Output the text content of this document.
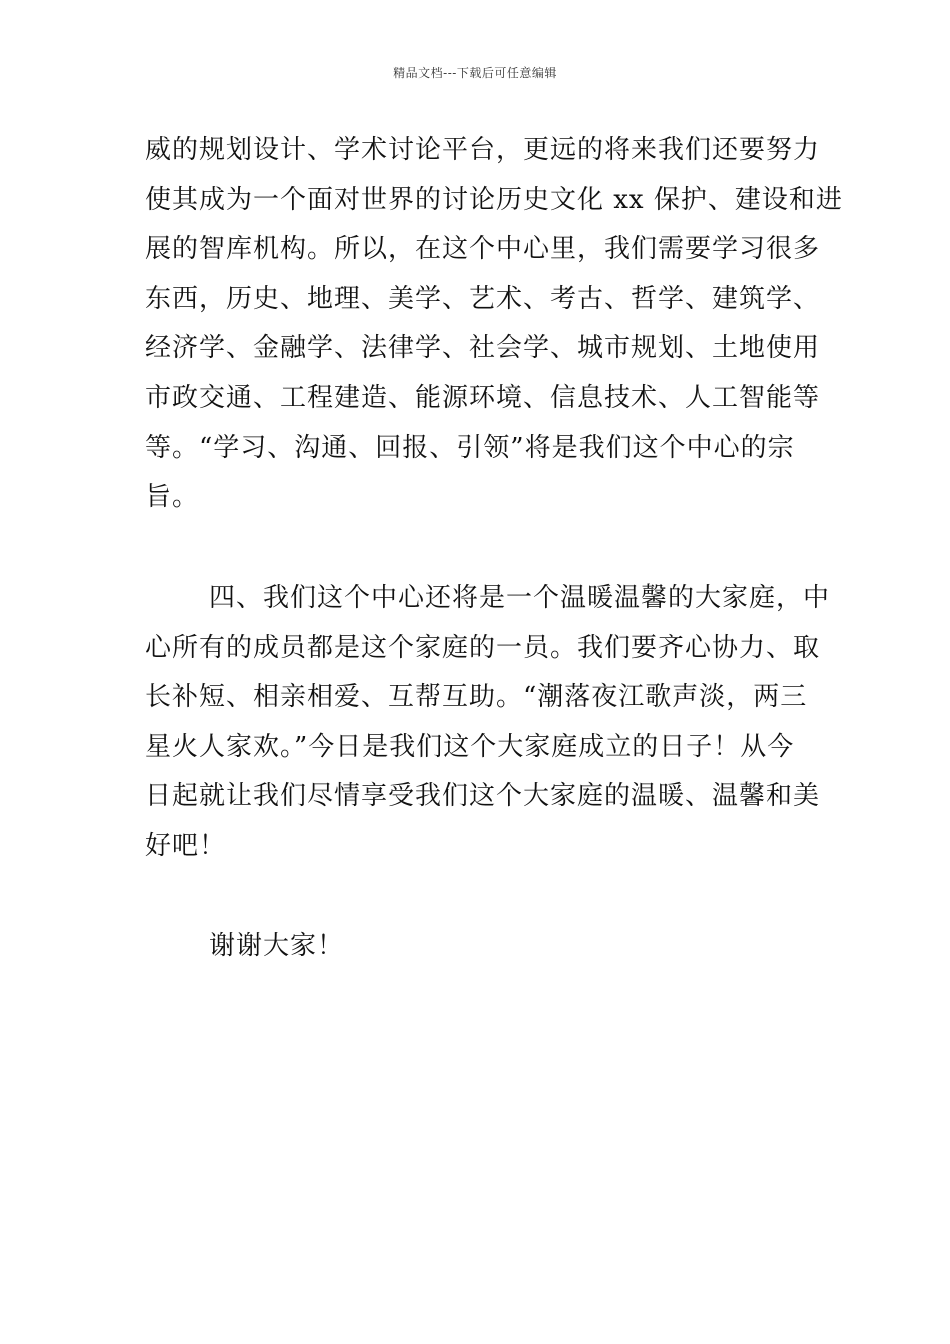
精品文档---下载后可任意编辑
威的规划设计、学术讨论平台，更远的将来我们还要努力
使其成为一个面对世界的讨论历史文化 xx 保护、建设和进
展的智库机构。所以，在这个中心里，我们需要学习很多
东西，历史、地理、美学、艺术、考古、哲学、建筑学、
经济学、金融学、法律学、社会学、城市规划、土地使用
市政交通、工程建造、能源环境、信息技术、人工智能等
等。“学习、沟通、回报、引领”将是我们这个中心的宗
旨。
四、我们这个中心还将是一个温暖温馨的大家庭，中
心所有的成员都是这个家庭的一员。我们要齐心协力、取
长补短、相亲相爱、互帮互助。“潮落夜江歌声淡，两三
星火人家欢。”今日是我们这个大家庭成立的日子！从今
日起就让我们尽情享受我们这个大家庭的温暖、温馨和美
好吧！
谢谢大家！
